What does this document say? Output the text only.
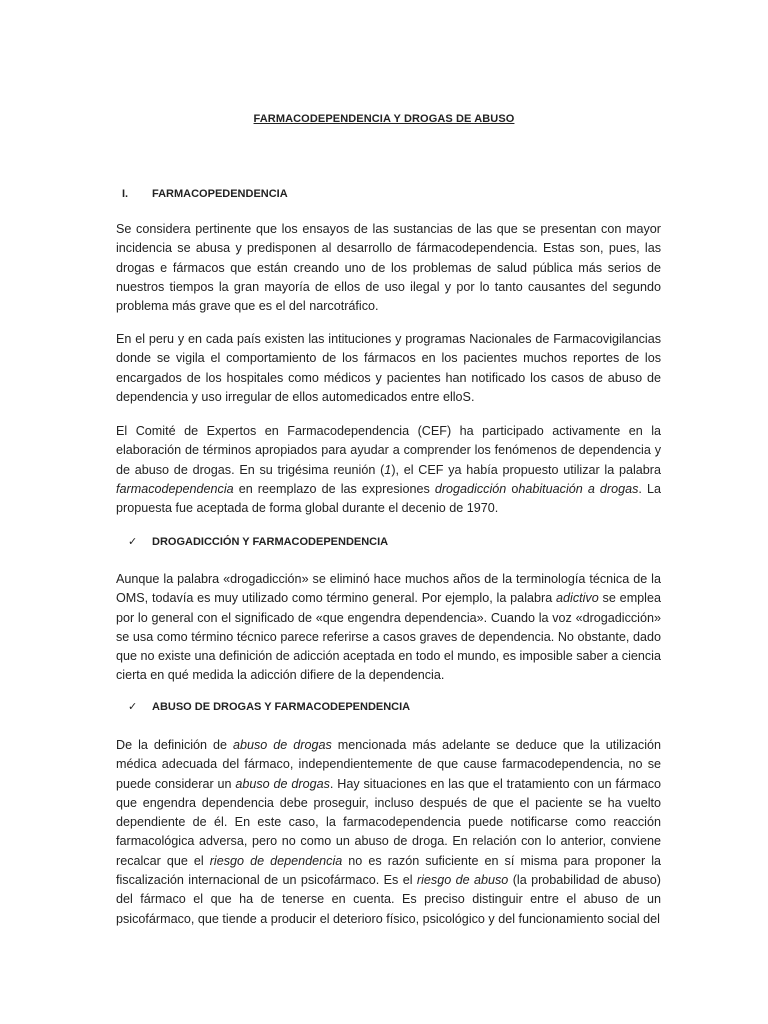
FARMACODEPENDENCIA Y DROGAS DE ABUSO
I. FARMACOPEDENDENCIA
Se considera pertinente que los ensayos de las sustancias de las que se presentan con mayor incidencia se abusa y predisponen al desarrollo de fármacodependencia. Estas son, pues, las drogas e fármacos que están creando uno de los problemas de salud pública más serios de nuestros tiempos la gran mayoría de ellos de uso ilegal y por lo tanto causantes del segundo problema más grave que es el del narcotráfico.
En el peru y en cada país existen las intituciones y programas Nacionales de Farmacovigilancias donde se vigila el comportamiento de los fármacos en los pacientes muchos reportes de los encargados de los hospitales como médicos y pacientes han notificado los casos de abuso de dependencia y uso irregular de ellos automedicados entre elloS.
El Comité de Expertos en Farmacodependencia (CEF) ha participado activamente en la elaboración de términos apropiados para ayudar a comprender los fenómenos de dependencia y de abuso de drogas. En su trigésima reunión (1), el CEF ya había propuesto utilizar la palabra farmacodependencia en reemplazo de las expresiones drogadicción ohabituación a drogas. La propuesta fue aceptada de forma global durante el decenio de 1970.
✓ DROGADICCIÓN Y FARMACODEPENDENCIA
Aunque la palabra «drogadicción» se eliminó hace muchos años de la terminología técnica de la OMS, todavía es muy utilizado como término general. Por ejemplo, la palabra adictivo se emplea por lo general con el significado de «que engendra dependencia». Cuando la voz «drogadicción» se usa como término técnico parece referirse a casos graves de dependencia. No obstante, dado que no existe una definición de adicción aceptada en todo el mundo, es imposible saber a ciencia cierta en qué medida la adicción difiere de la dependencia.
✓ ABUSO DE DROGAS Y FARMACODEPENDENCIA
De la definición de abuso de drogas mencionada más adelante se deduce que la utilización médica adecuada del fármaco, independientemente de que cause farmacodependencia, no se puede considerar un abuso de drogas. Hay situaciones en las que el tratamiento con un fármaco que engendra dependencia debe proseguir, incluso después de que el paciente se ha vuelto dependiente de él. En este caso, la farmacodependencia puede notificarse como reacción farmacológica adversa, pero no como un abuso de droga. En relación con lo anterior, conviene recalcar que el riesgo de dependencia no es razón suficiente en sí misma para proponer la fiscalización internacional de un psicofármaco. Es el riesgo de abuso (la probabilidad de abuso) del fármaco el que ha de tenerse en cuenta. Es preciso distinguir entre el abuso de un psicofármaco, que tiende a producir el deterioro físico, psicológico y del funcionamiento social del
